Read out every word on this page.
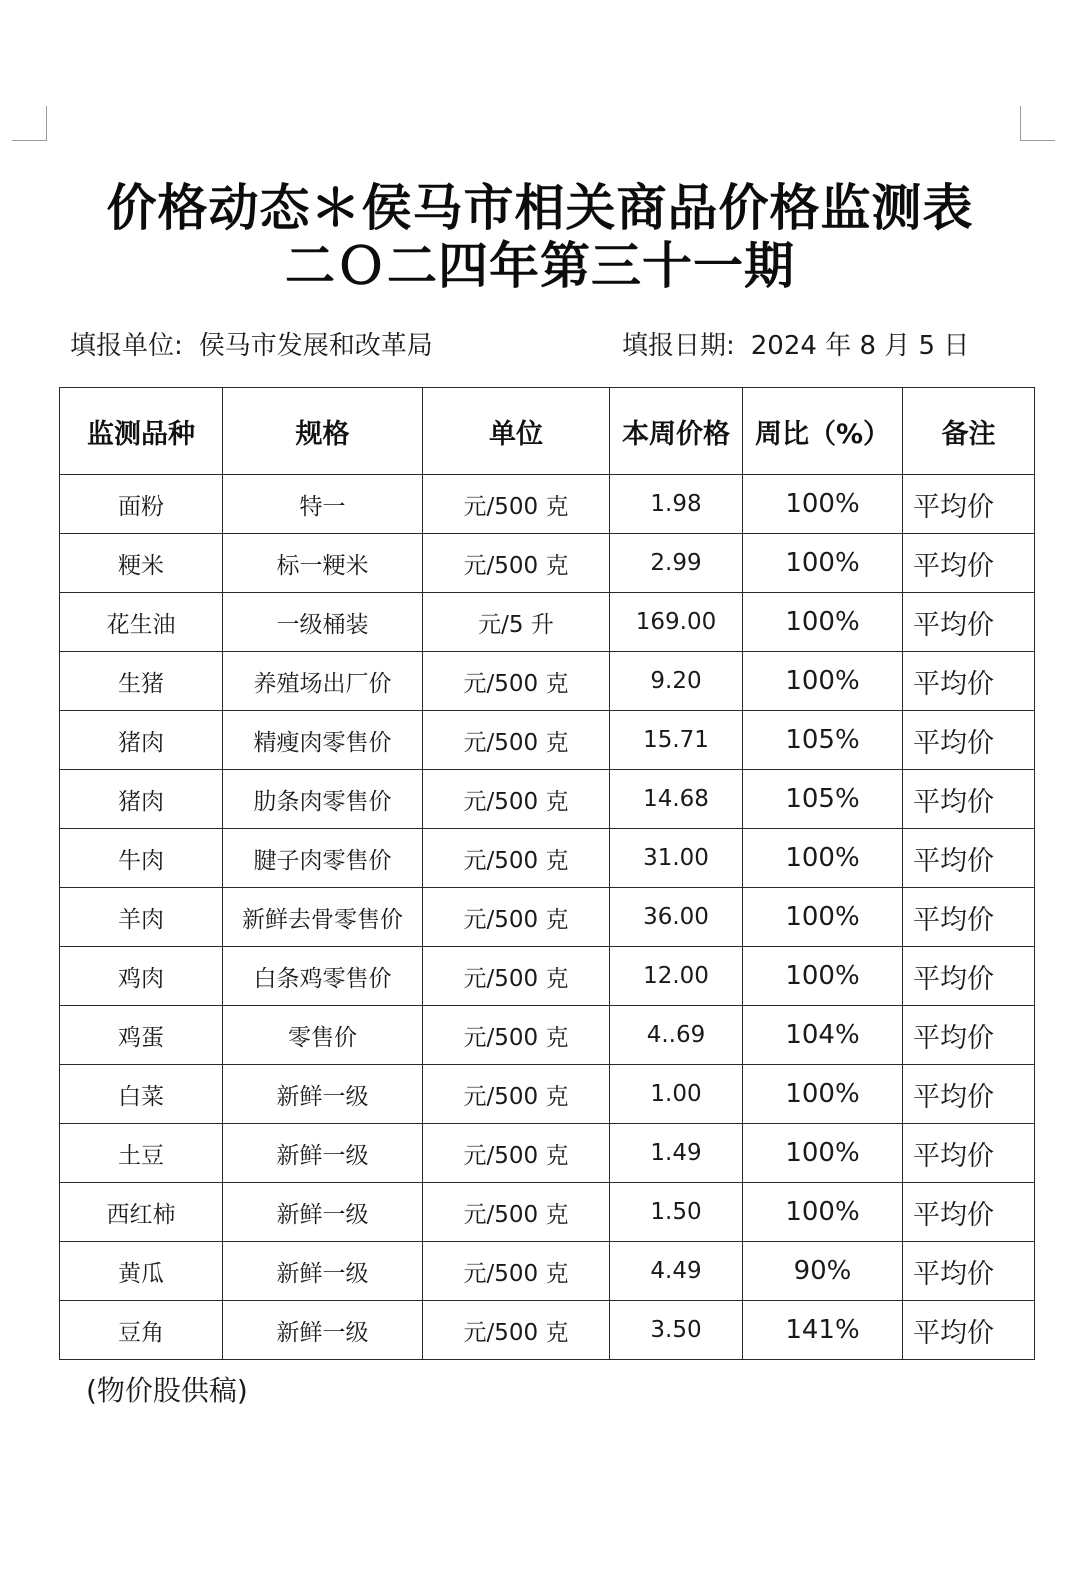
价格动态＊侯马市相关商品价格监测表
二Ｏ二四年第三十一期
填报单位: 侯马市发展和改革局	填报日期: 2024 年 8 月 5 日
监测品种	规格	单位	本周价格	周比（%）	备注
面粉	特一	元/500 克	1.98	100%	平均价
粳米	标一粳米	元/500 克	2.99	100%	平均价
花生油	一级桶装	元/5 升	169.00	100%	平均价
生猪	养殖场出厂价	元/500 克	9.20	100%	平均价
猪肉	精瘦肉零售价	元/500 克	15.71	105%	平均价
猪肉	肋条肉零售价	元/500 克	14.68	105%	平均价
牛肉	腱子肉零售价	元/500 克	31.00	100%	平均价
羊肉	新鲜去骨零售价	元/500 克	36.00	100%	平均价
鸡肉	白条鸡零售价	元/500 克	12.00	100%	平均价
鸡蛋	零售价	元/500 克	4..69	104%	平均价
白菜	新鲜一级	元/500 克	1.00	100%	平均价
土豆	新鲜一级	元/500 克	1.49	100%	平均价
西红柿	新鲜一级	元/500 克	1.50	100%	平均价
黄瓜	新鲜一级	元/500 克	4.49	90%	平均价
豆角	新鲜一级	元/500 克	3.50	141%	平均价
(物价股供稿)
